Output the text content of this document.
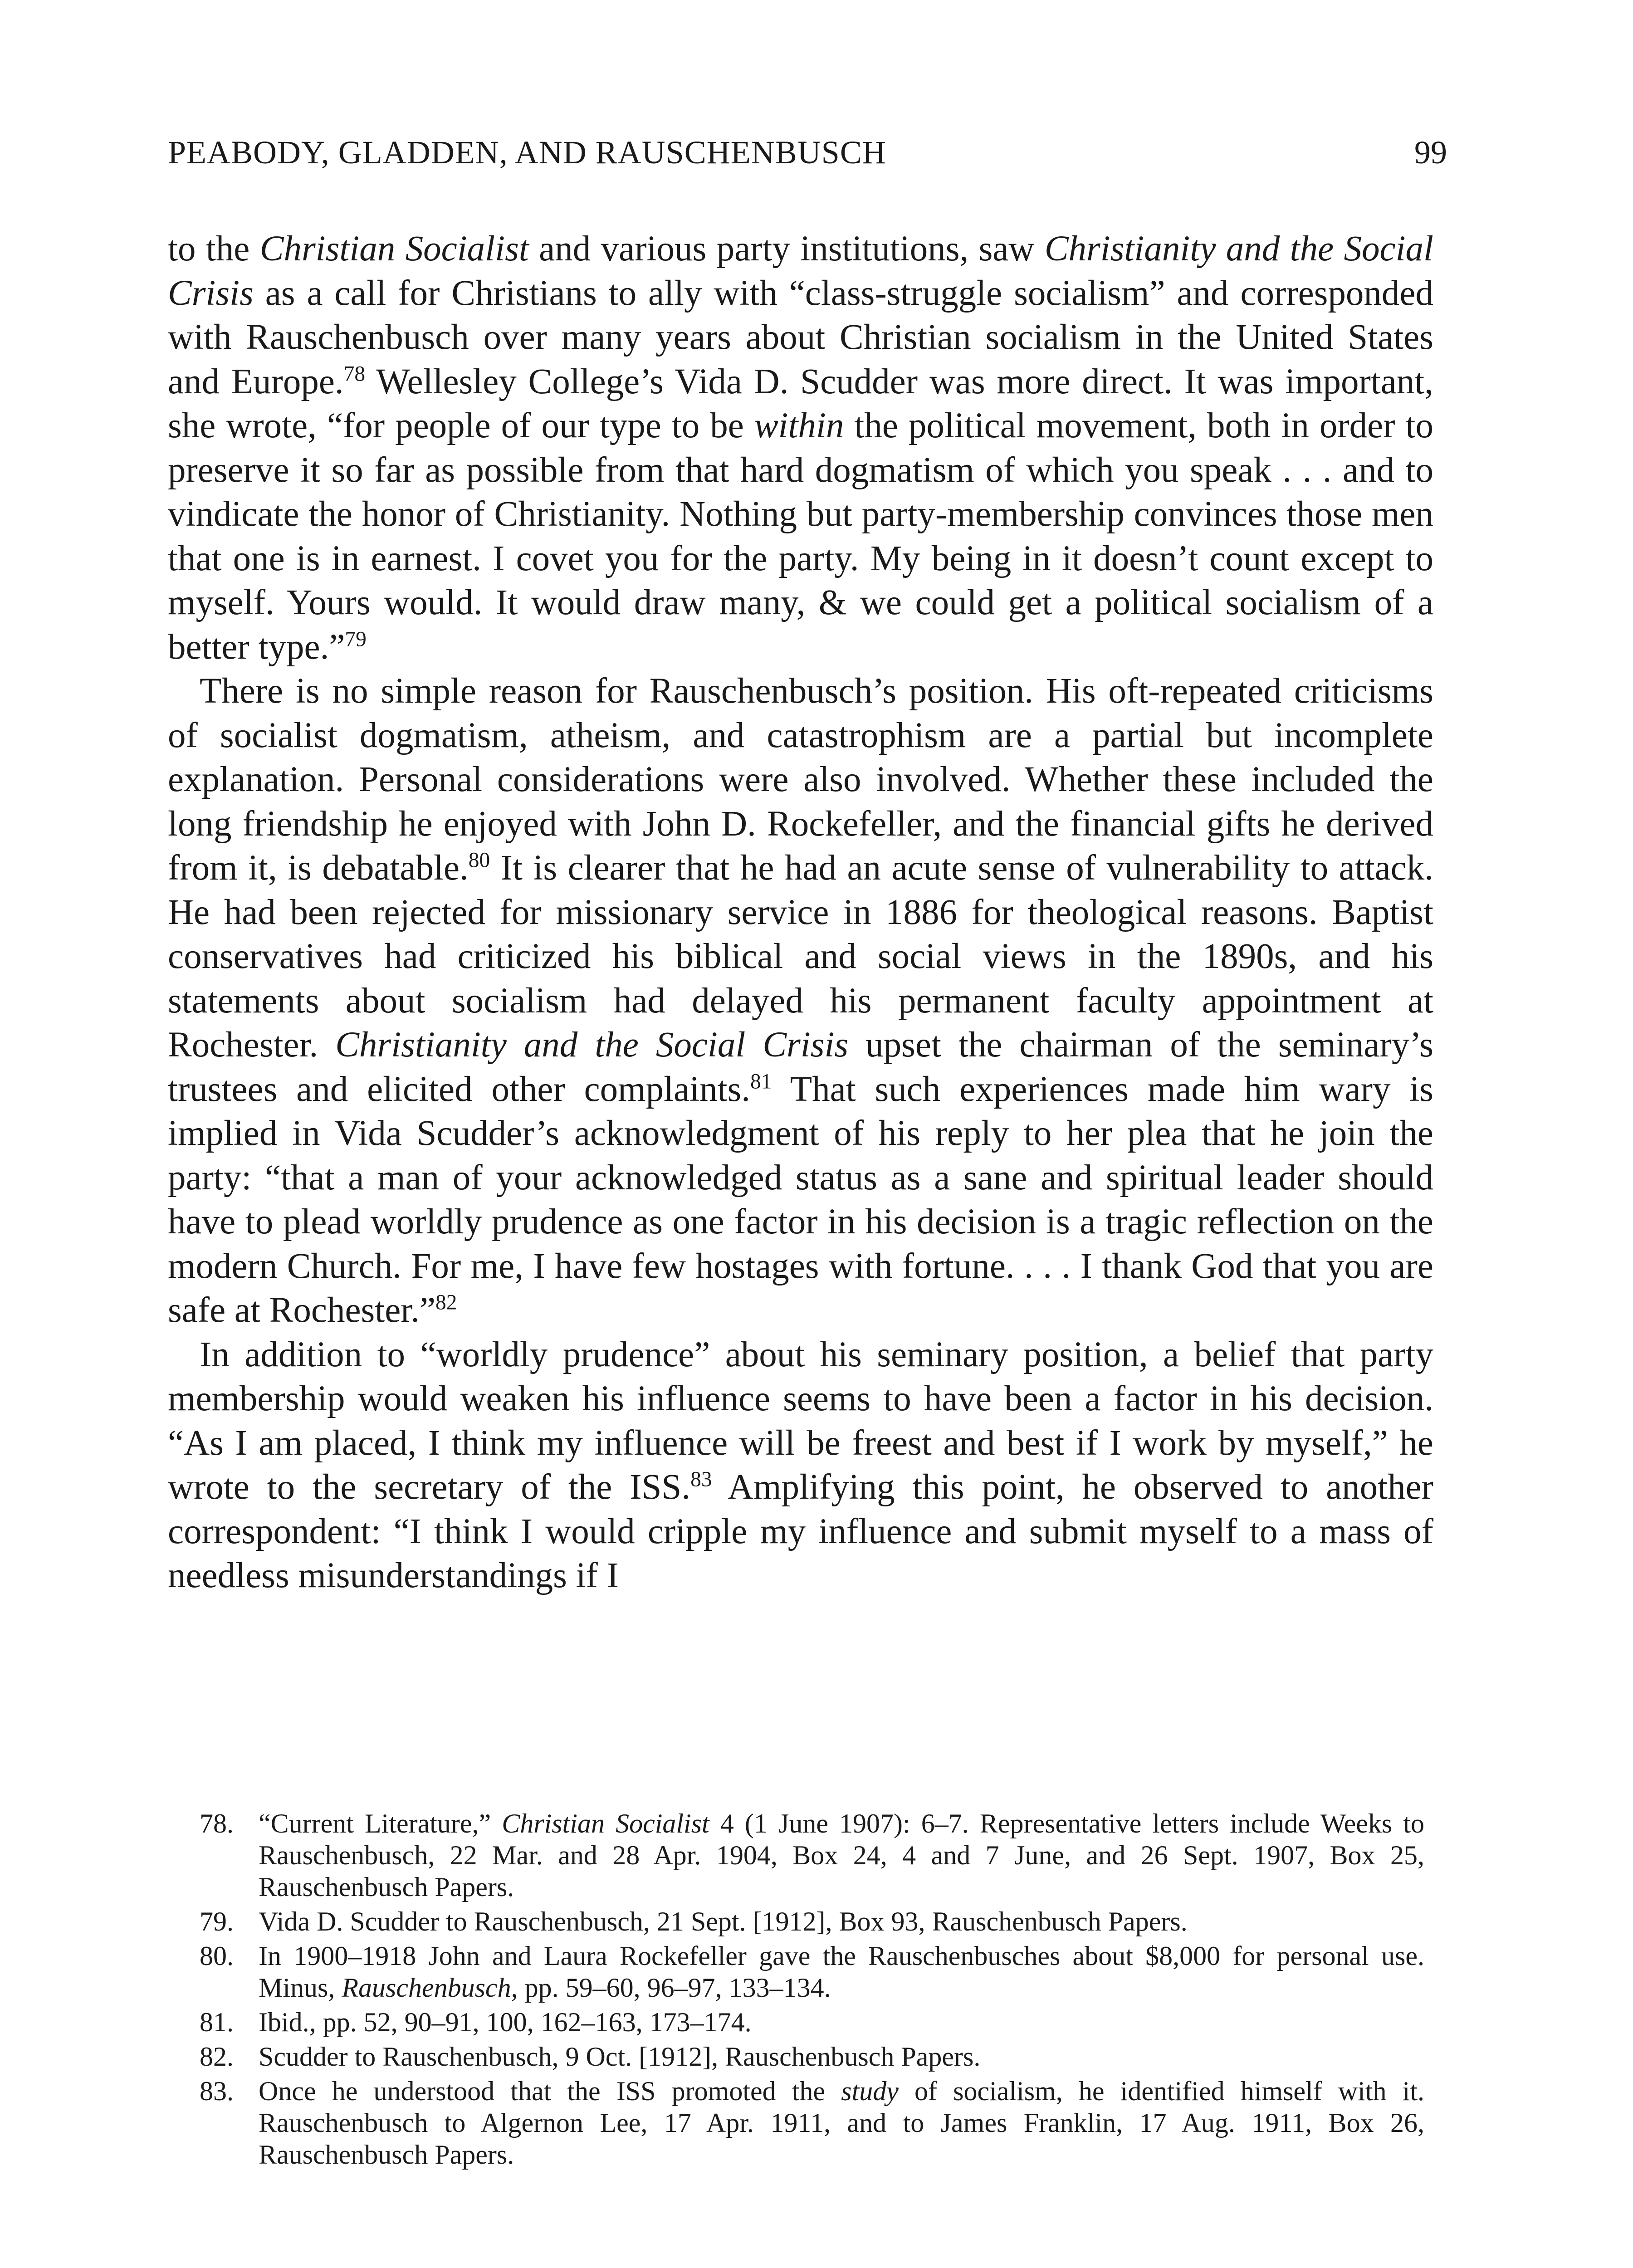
PEABODY, GLADDEN, AND RAUSCHENBUSCH	99

to the Christian Socialist and various party institutions, saw Christianity and the Social Crisis as a call for Christians to ally with “class-struggle socialism” and corresponded with Rauschenbusch over many years about Christian socialism in the United States and Europe.$^{78}$ Wellesley College’s Vida D. Scudder was more direct. It was important, she wrote, “for people of our type to be within the political movement, both in order to preserve it so far as possible from that hard dogmatism of which you speak . . . and to vindicate the honor of Christianity. Nothing but party-membership convinces those men that one is in earnest. I covet you for the party. My being in it doesn’t count except to myself. Yours would. It would draw many, & we could get a political socialism of a better type.”$^{79}$

There is no simple reason for Rauschenbusch’s position. His oft-repeated criticisms of socialist dogmatism, atheism, and catastrophism are a partial but incomplete explanation. Personal considerations were also involved. Whether these included the long friendship he enjoyed with John D. Rockefeller, and the financial gifts he derived from it, is debatable.$^{80}$ It is clearer that he had an acute sense of vulnerability to attack. He had been rejected for missionary service in 1886 for theological reasons. Baptist conservatives had criticized his biblical and social views in the 1890s, and his statements about socialism had delayed his permanent faculty appointment at Rochester. Christianity and the Social Crisis upset the chairman of the seminary’s trustees and elicited other complaints.$^{81}$ That such experiences made him wary is implied in Vida Scudder’s acknowledgment of his reply to her plea that he join the party: “that a man of your acknowledged status as a sane and spiritual leader should have to plead worldly prudence as one factor in his decision is a tragic reflection on the modern Church. For me, I have few hostages with fortune. . . . I thank God that you are safe at Rochester.”$^{82}$

In addition to “worldly prudence” about his seminary position, a belief that party membership would weaken his influence seems to have been a factor in his decision. “As I am placed, I think my influence will be freest and best if I work by myself,” he wrote to the secretary of the ISS.$^{83}$ Amplifying this point, he observed to another correspondent: “I think I would cripple my influence and submit myself to a mass of needless misunderstandings if I

78. “Current Literature,” Christian Socialist 4 (1 June 1907): 6–7. Representative letters include Weeks to Rauschenbusch, 22 Mar. and 28 Apr. 1904, Box 24, 4 and 7 June, and 26 Sept. 1907, Box 25, Rauschenbusch Papers.
79. Vida D. Scudder to Rauschenbusch, 21 Sept. [1912], Box 93, Rauschenbusch Papers.
80. In 1900–1918 John and Laura Rockefeller gave the Rauschenbusches about $8,000 for personal use. Minus, Rauschenbusch, pp. 59–60, 96–97, 133–134.
81. Ibid., pp. 52, 90–91, 100, 162–163, 173–174.
82. Scudder to Rauschenbusch, 9 Oct. [1912], Rauschenbusch Papers.
83. Once he understood that the ISS promoted the study of socialism, he identified himself with it. Rauschenbusch to Algernon Lee, 17 Apr. 1911, and to James Franklin, 17 Aug. 1911, Box 26, Rauschenbusch Papers.
